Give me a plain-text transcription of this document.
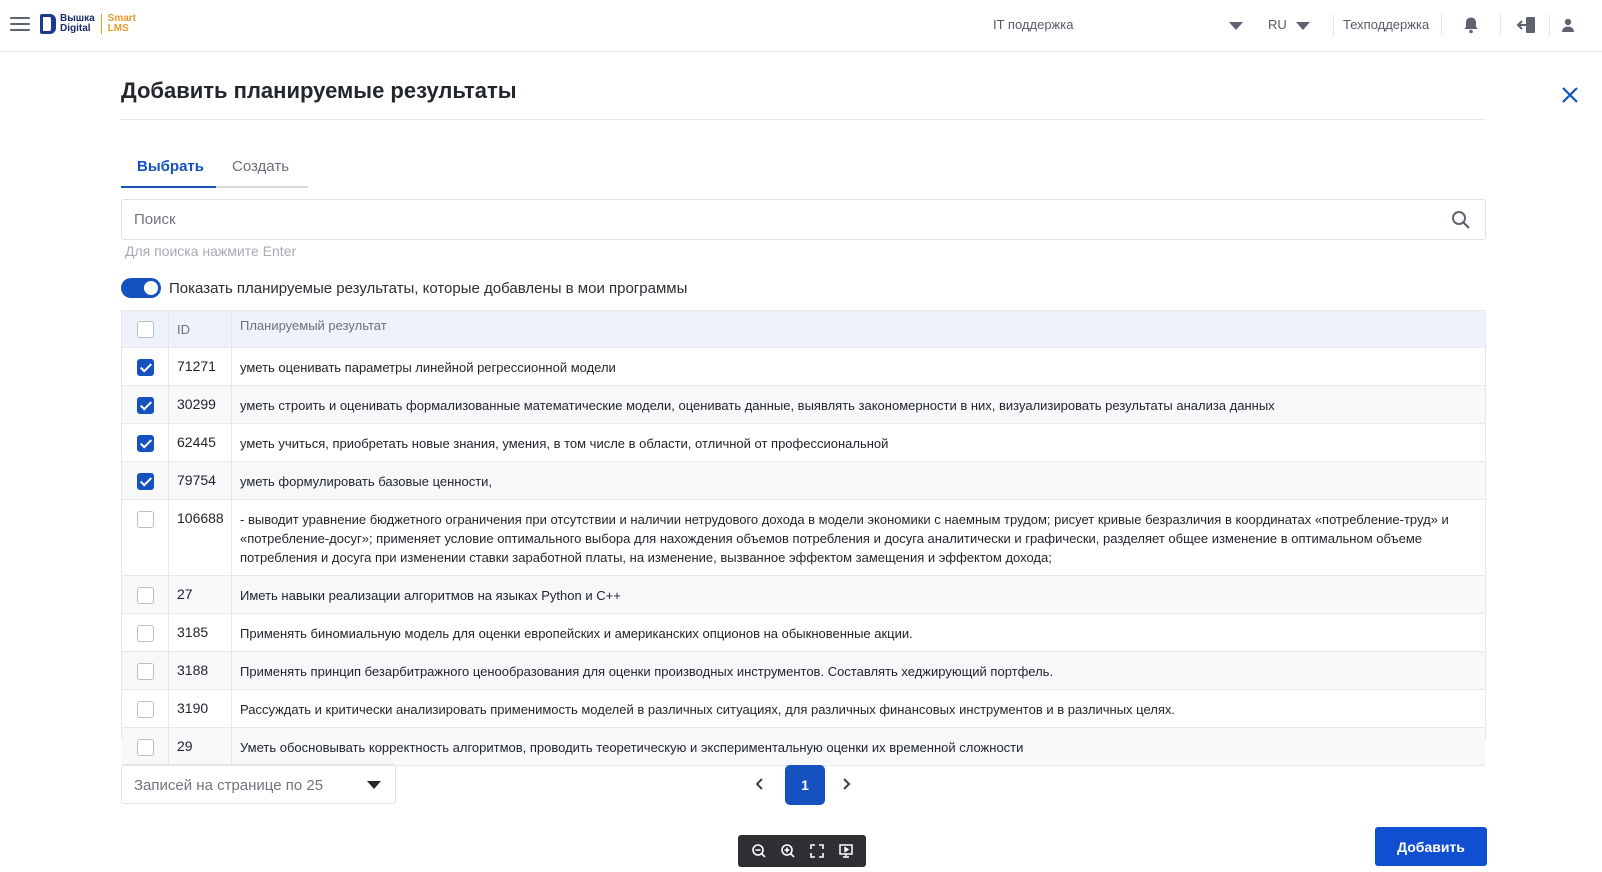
Вышка
Digital
Smart
LMS	IT поддержка	RU	Техподдержка
Добавить планируемые результаты
Выбрать Создать
Поиск
Для поиска нажмите Enter
Показать планируемые результаты, которые добавлены в мои программы
ID	Планируемый результат
71271	уметь оценивать параметры линейной регрессионной модели
30299	уметь строить и оценивать формализованные математические модели, оценивать данные, выявлять закономерности в них, визуализировать результаты анализа данных
62445	уметь учиться, приобретать новые знания, умения, в том числе в области, отличной от профессиональной
79754	уметь формулировать базовые ценности,
106688	- выводит уравнение бюджетного ограничения при отсутствии и наличии нетрудового дохода в модели экономики с наемным трудом; рисует кривые безразличия в координатах «потребление-труд» и «потребление-досуг»; применяет условие оптимального выбора для нахождения объемов потребления и досуга аналитически и графически, разделяет общее изменение в оптимальном объеме потребления и досуга при изменении ставки заработной платы, на изменение, вызванное эффектом замещения и эффектом дохода;
27	Иметь навыки реализации алгоритмов на языках Python и C++
3185	Применять биномиальную модель для оценки европейских и американских опционов на обыкновенные акции.
3188	Применять принцип безарбитражного ценообразования для оценки производных инструментов. Составлять хеджирующий портфель.
3190	Рассуждать и критически анализировать применимость моделей в различных ситуациях, для различных финансовых инструментов и в различных целях.
29	Уметь обосновывать корректность алгоритмов, проводить теоретическую и экспериментальную оценки их временной сложности
Записей на странице по 25	1
Добавить
